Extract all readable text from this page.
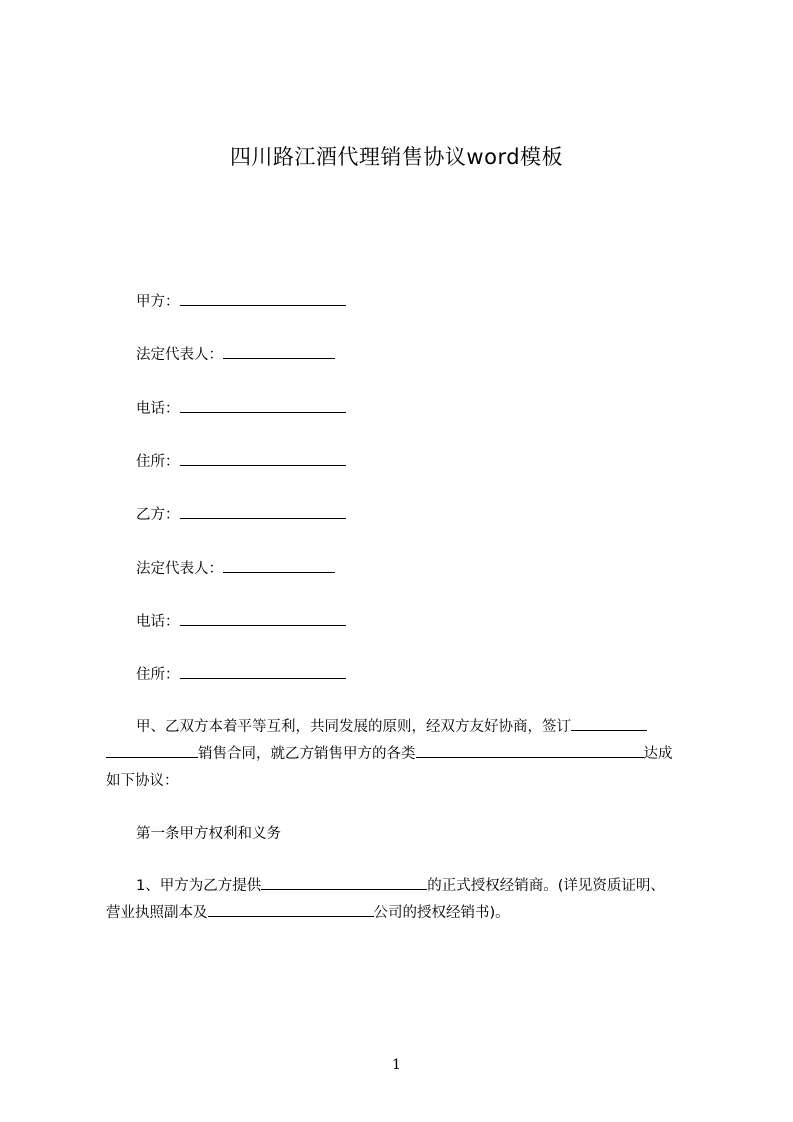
四川路江酒代理销售协议word模板
甲方：
法定代表人：
电话：
住所：
乙方：
法定代表人：
电话：
住所：
甲、乙双方本着平等互利，共同发展的原则，经双方友好协商，签订
销售合同，就乙方销售甲方的各类	达成
如下协议：
第一条甲方权利和义务
1、甲方为乙方提供	的正式授权经销商。(详见资质证明、
营业执照副本及	公司的授权经销书)。
1
